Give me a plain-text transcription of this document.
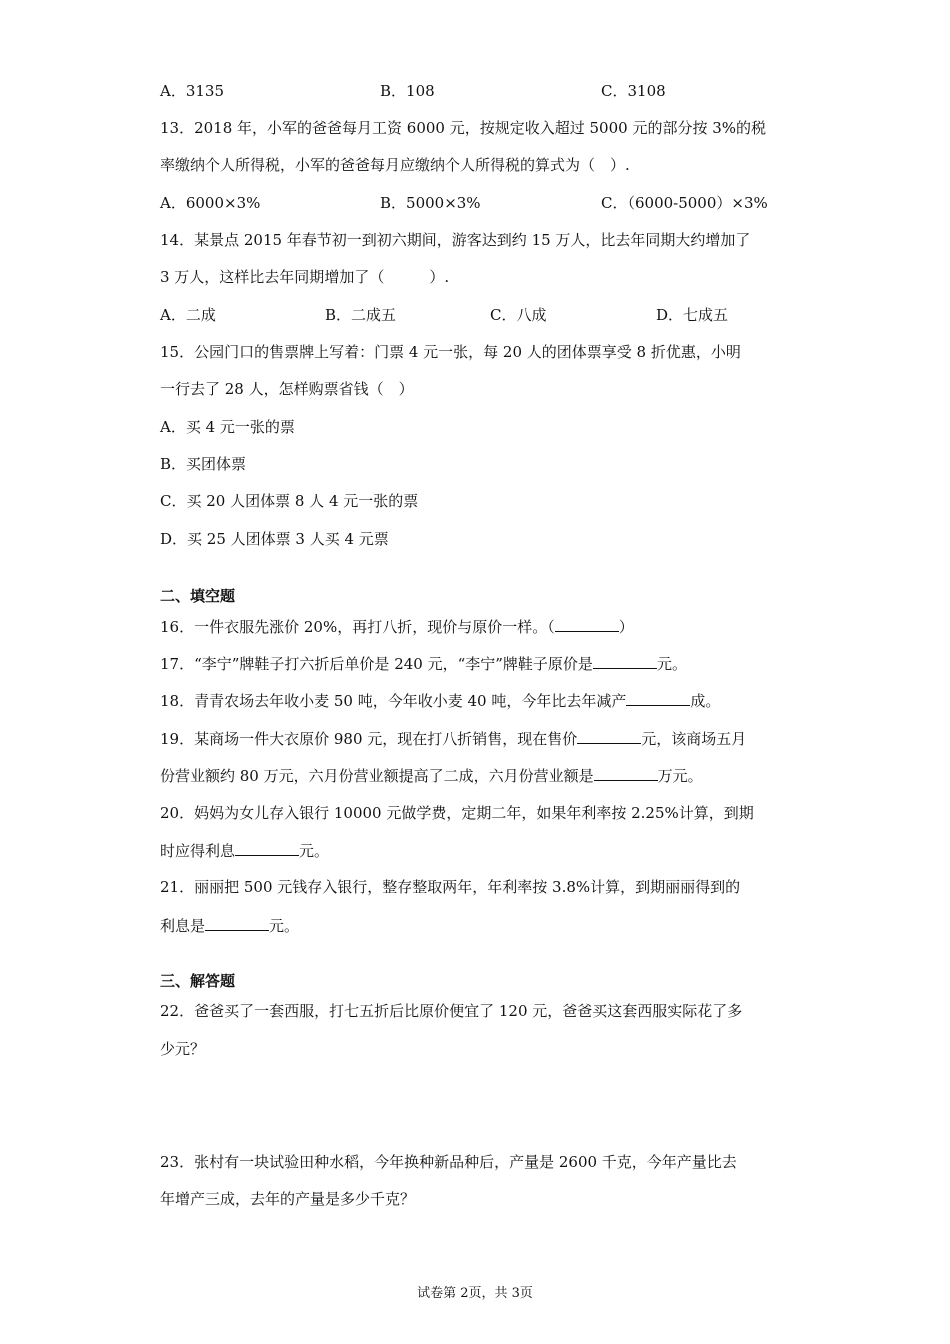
A．3135	B．108	C．3108
13．2018 年，小军的爸爸每月工资 6000 元，按规定收入超过 5000 元的部分按 3%的税
率缴纳个人所得税，小军的爸爸每月应缴纳个人所得税的算式为（　）.
A．6000×3%	B．5000×3%	C．（6000-5000）×3%
14．某景点 2015 年春节初一到初六期间，游客达到约 15 万人，比去年同期大约增加了
3 万人，这样比去年同期增加了（　　　）.
A．二成	B．二成五	C．八成	D．七成五
15．公园门口的售票牌上写着：门票 4 元一张，每 20 人的团体票享受 8 折优惠，小明
一行去了 28 人，怎样购票省钱（　）
A．买 4 元一张的票
B．买团体票
C．买 20 人团体票 8 人 4 元一张的票
D．买 25 人团体票 3 人买 4 元票
二、填空题
16．一件衣服先涨价 20%，再打八折，现价与原价一样。（	）
17．“李宁”牌鞋子打六折后单价是 240 元，“李宁”牌鞋子原价是	元。
18．青青农场去年收小麦 50 吨，今年收小麦 40 吨，今年比去年减产	成。
19．某商场一件大衣原价 980 元，现在打八折销售，现在售价	元，该商场五月
份营业额约 80 万元，六月份营业额提高了二成，六月份营业额是	万元。
20．妈妈为女儿存入银行 10000 元做学费，定期二年，如果年利率按 2.25%计算，到期
时应得利息	元。
21．丽丽把 500 元钱存入银行，整存整取两年，年利率按 3.8%计算，到期丽丽得到的
利息是	元。
三、解答题
22．爸爸买了一套西服，打七五折后比原价便宜了 120 元，爸爸买这套西服实际花了多
少元？
23．张村有一块试验田种水稻，今年换种新品种后，产量是 2600 千克，今年产量比去
年增产三成，去年的产量是多少千克？
试卷第 2页，共 3页
